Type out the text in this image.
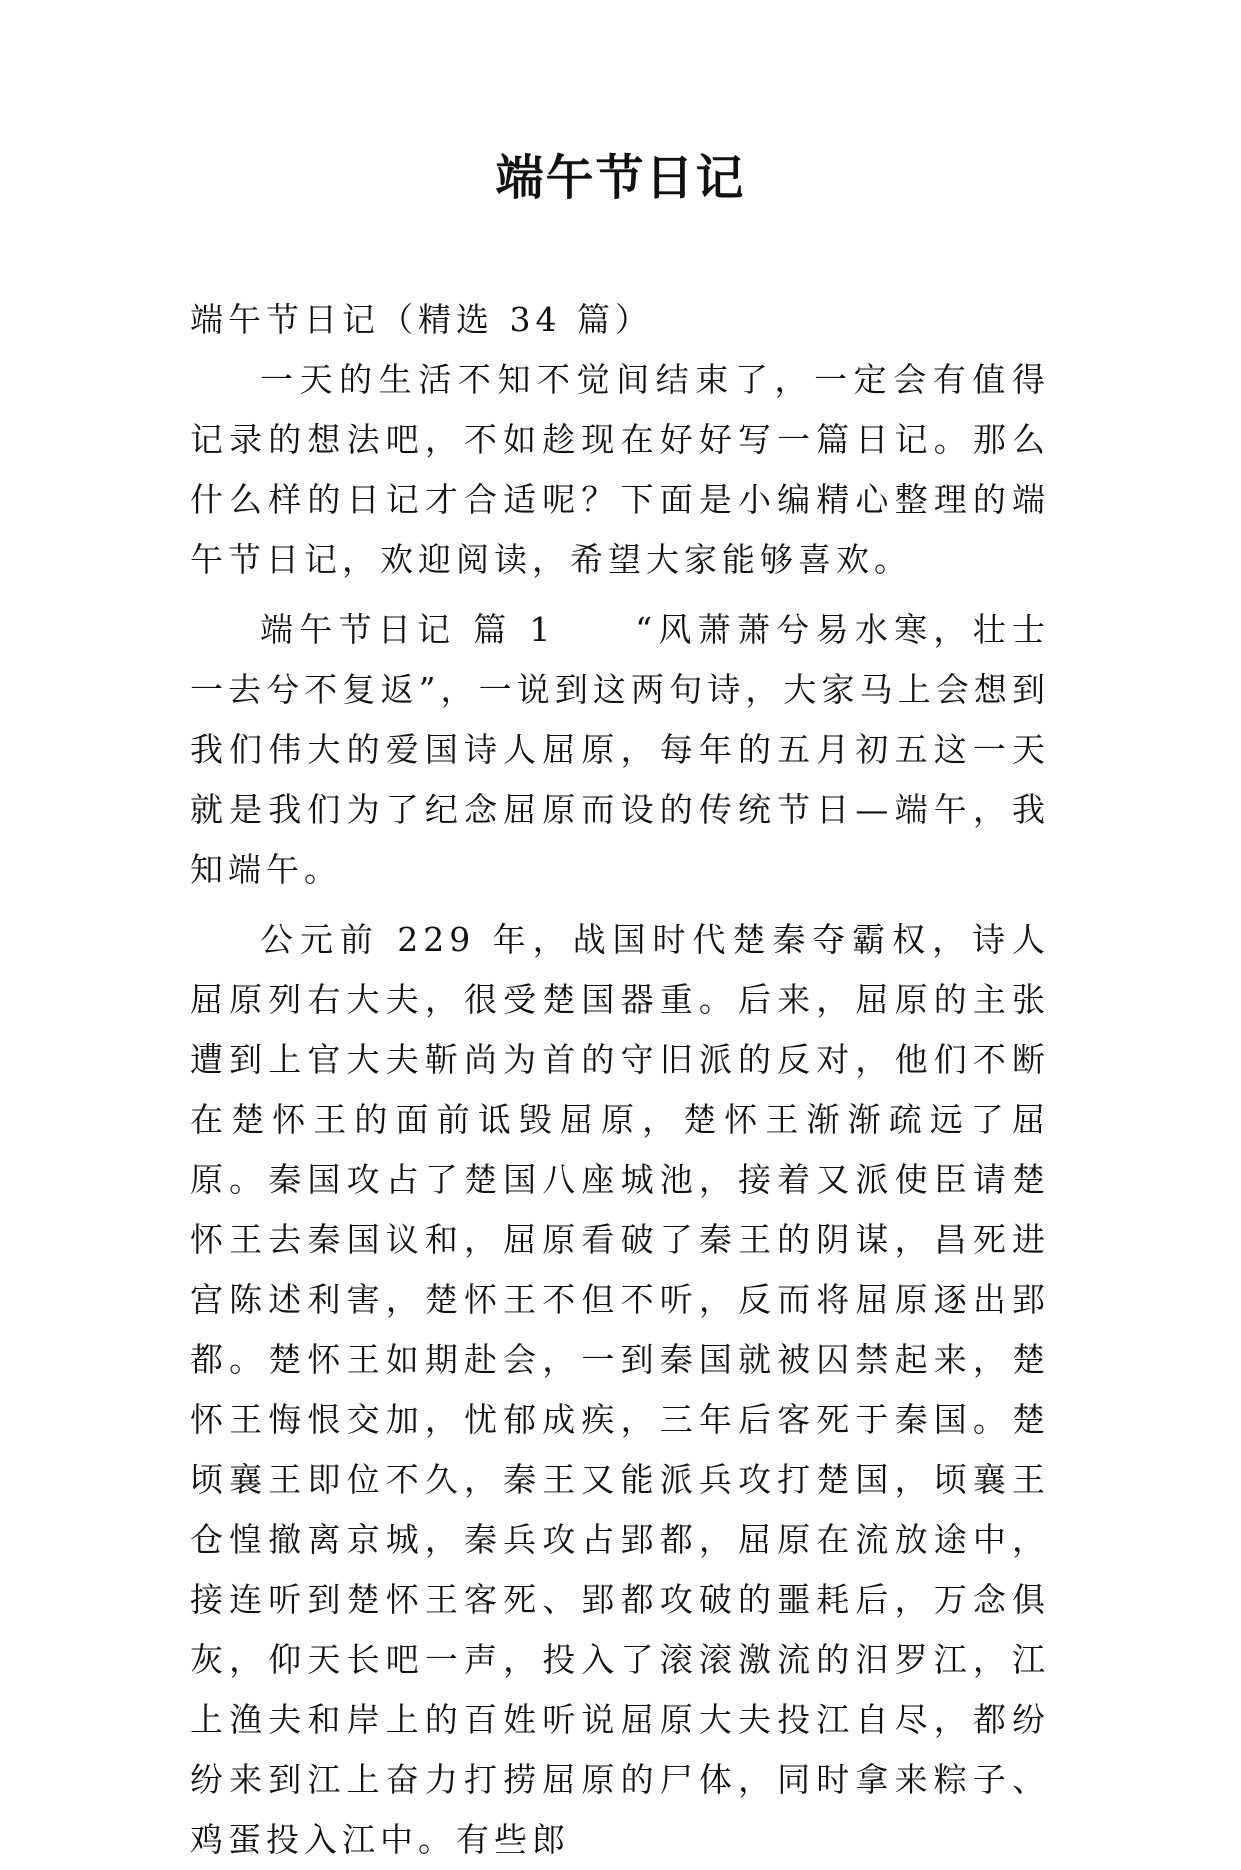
端午节日记

端午节日记（精选 34 篇）

一天的生活不知不觉间结束了，一定会有值得记录的想法吧，不如趁现在好好写一篇日记。那么什么样的日记才合适呢？下面是小编精心整理的端午节日记，欢迎阅读，希望大家能够喜欢。

端午节日记 篇 1　　“风萧萧兮易水寒，壮士一去兮不复返”，一说到这两句诗，大家马上会想到我们伟大的爱国诗人屈原，每年的五月初五这一天就是我们为了纪念屈原而设的传统节日—端午，我知端午。

公元前 229 年，战国时代楚秦夺霸权，诗人屈原列右大夫，很受楚国器重。后来，屈原的主张遭到上官大夫靳尚为首的守旧派的反对，他们不断在楚怀王的面前诋毁屈原，楚怀王渐渐疏远了屈原。秦国攻占了楚国八座城池，接着又派使臣请楚怀王去秦国议和，屈原看破了秦王的阴谋，昌死进宫陈述利害，楚怀王不但不听，反而将屈原逐出郢都。楚怀王如期赴会，一到秦国就被囚禁起来，楚怀王悔恨交加，忧郁成疾，三年后客死于秦国。楚顷襄王即位不久，秦王又能派兵攻打楚国，顷襄王仓惶撤离京城，秦兵攻占郢都，屈原在流放途中，接连听到楚怀王客死、郢都攻破的噩耗后，万念俱灰，仰天长吧一声，投入了滚滚激流的汨罗江，江上渔夫和岸上的百姓听说屈原大夫投江自尽，都纷纷来到江上奋力打捞屈原的尸体，同时拿来粽子、鸡蛋投入江中。有些郎
